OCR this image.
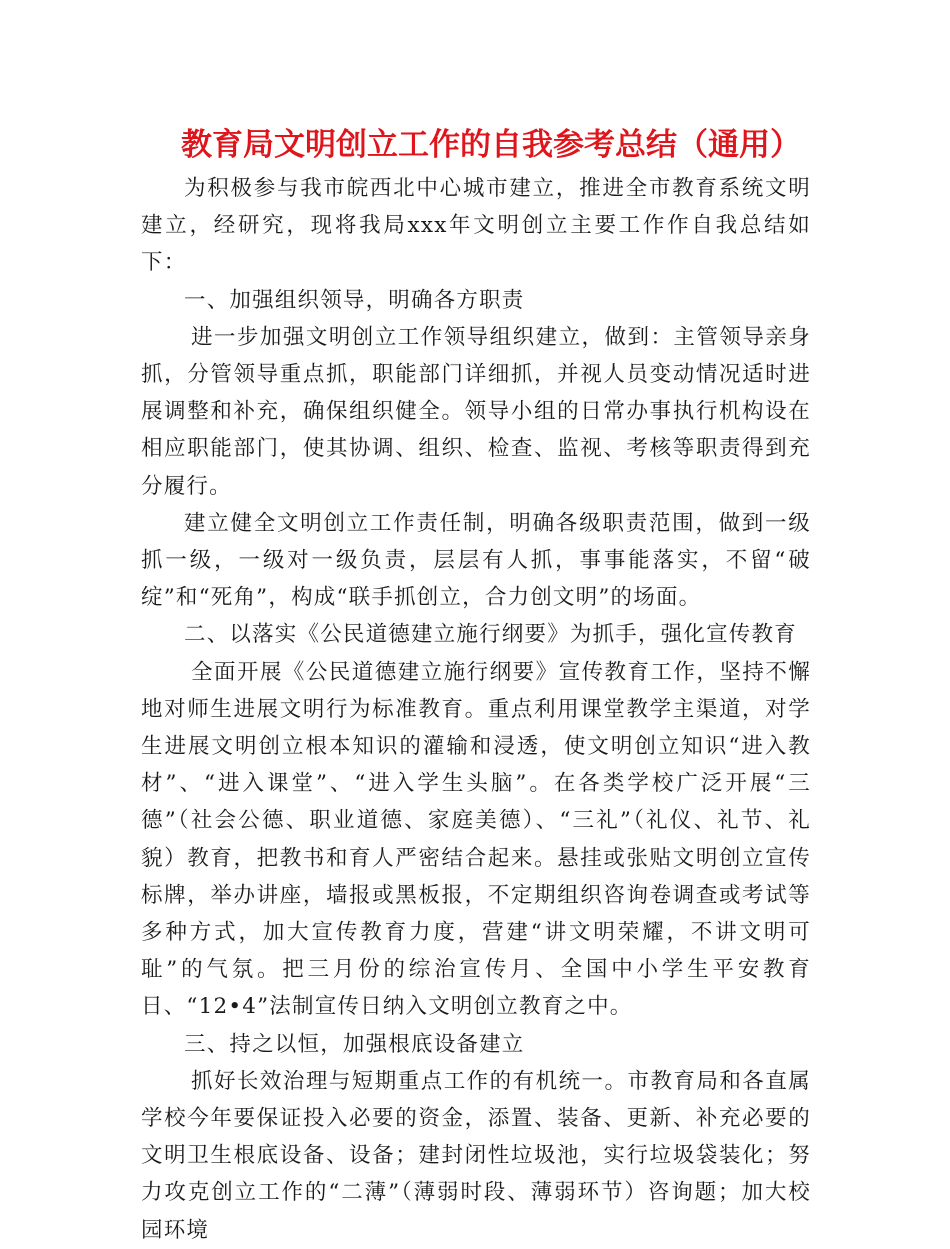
教育局文明创立工作的自我参考总结（通用）

为积极参与我市皖西北中心城市建立，推进全市教育系统文明建立，经研究，现将我局xxx年文明创立主要工作作自我总结如下：

一、加强组织领导，明确各方职责

进一步加强文明创立工作领导组织建立，做到：主管领导亲身抓，分管领导重点抓，职能部门详细抓，并视人员变动情况适时进展调整和补充，确保组织健全。领导小组的日常办事执行机构设在相应职能部门，使其协调、组织、检查、监视、考核等职责得到充分履行。

建立健全文明创立工作责任制，明确各级职责范围，做到一级抓一级，一级对一级负责，层层有人抓，事事能落实，不留“破绽”和“死角”，构成“联手抓创立，合力创文明”的场面。

二、以落实《公民道德建立施行纲要》为抓手，强化宣传教育

全面开展《公民道德建立施行纲要》宣传教育工作，坚持不懈地对师生进展文明行为标准教育。重点利用课堂教学主渠道，对学生进展文明创立根本知识的灌输和浸透，使文明创立知识“进入教材”、“进入课堂”、“进入学生头脑”。在各类学校广泛开展“三德”（社会公德、职业道德、家庭美德）、“三礼”（礼仪、礼节、礼貌）教育，把教书和育人严密结合起来。悬挂或张贴文明创立宣传标牌，举办讲座，墙报或黑板报，不定期组织咨询卷调查或考试等多种方式，加大宣传教育力度，营建“讲文明荣耀，不讲文明可耻”的气氛。把三月份的综治宣传月、全国中小学生平安教育日、“12•4”法制宣传日纳入文明创立教育之中。

三、持之以恒，加强根底设备建立

抓好长效治理与短期重点工作的有机统一。市教育局和各直属学校今年要保证投入必要的资金，添置、装备、更新、补充必要的文明卫生根底设备、设备；建封闭性垃圾池，实行垃圾袋装化；努力攻克创立工作的“二薄”（薄弱时段、薄弱环节）咨询题；加大校园环境
